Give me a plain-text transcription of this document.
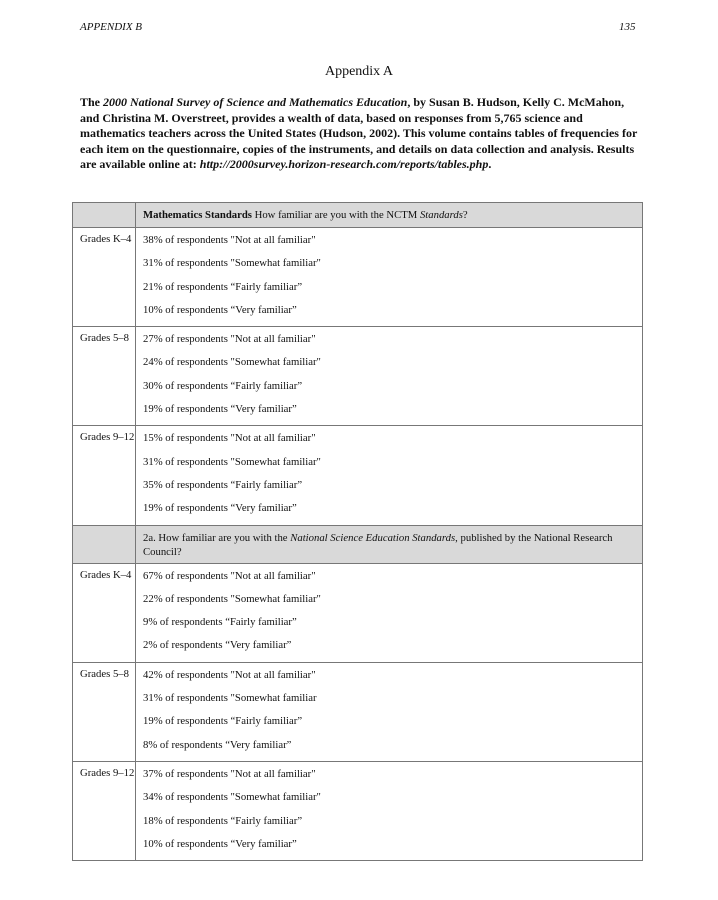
APPENDIX B	135
Appendix A
The 2000 National Survey of Science and Mathematics Education, by Susan B. Hudson, Kelly C. McMahon, and Christina M. Overstreet, provides a wealth of data, based on responses from 5,765 science and mathematics teachers across the United States (Hudson, 2002). This volume contains tables of frequencies for each item on the questionnaire, copies of the instruments, and details on data collection and analysis. Results are available online at: http://2000survey.horizon-research.com/reports/tables.php.
	Mathematics Standards How familiar are you with the NCTM Standards?
Grades K–4	38% of respondents "Not at all familiar"
31% of respondents "Somewhat familiar"
21% of respondents “Fairly familiar”
10% of respondents “Very familiar”

Grades 5–8	27% of respondents "Not at all familiar"
24% of respondents "Somewhat familiar"
30% of respondents “Fairly familiar”
19% of respondents “Very familiar”

Grades 9–12	15% of respondents "Not at all familiar"
31% of respondents "Somewhat familiar"
35% of respondents “Fairly familiar”
19% of respondents “Very familiar”

	2a. How familiar are you with the National Science Education Standards, published by the National Research Council?
Grades K–4	67% of respondents "Not at all familiar"
22% of respondents "Somewhat familiar"
9% of respondents “Fairly familiar”
2% of respondents “Very familiar”

Grades 5–8	42% of respondents "Not at all familiar"
31% of respondents "Somewhat familiar
19% of respondents “Fairly familiar”
8% of respondents “Very familiar”

Grades 9–12	37% of respondents "Not at all familiar"
34% of respondents "Somewhat familiar"
18% of respondents “Fairly familiar”
10% of respondents “Very familiar”
